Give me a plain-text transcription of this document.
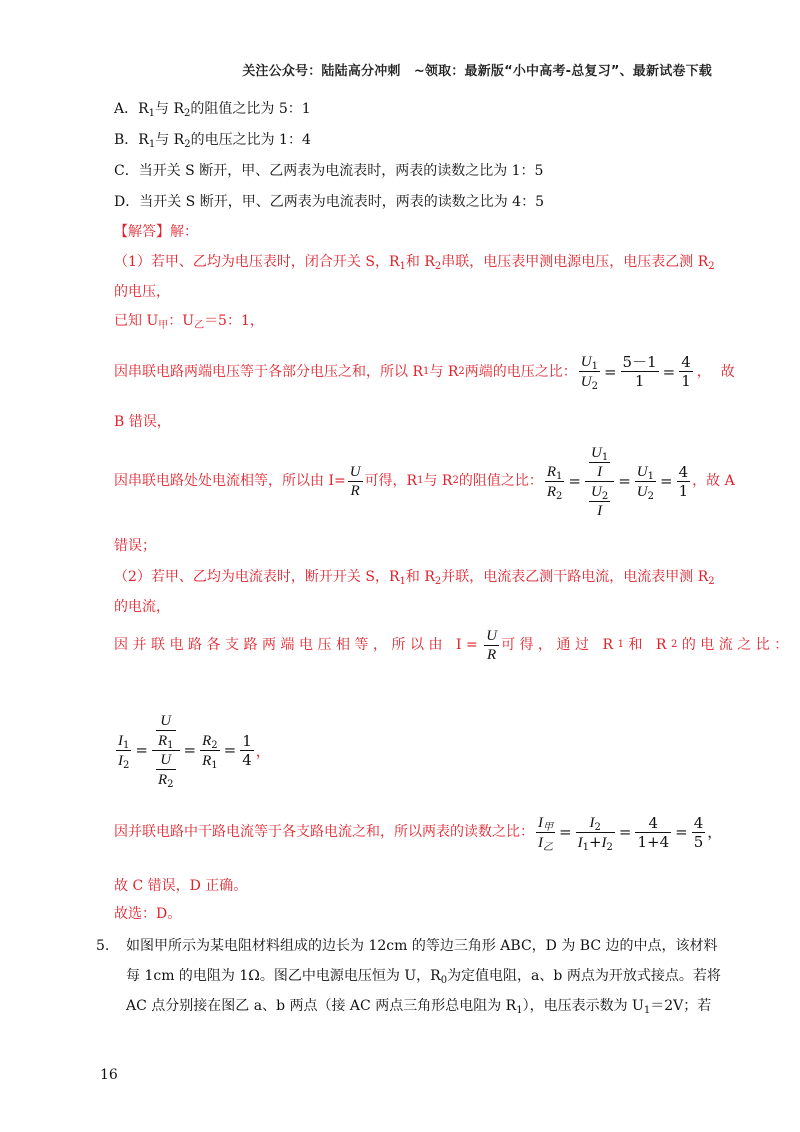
关注公众号：陆陆高分冲刺　~领取：最新版“小中高考-总复习”、最新试卷下载
A．$R_1$与 $R_2$的阻值之比为 5：1
B．$R_1$与 $R_2$的电压之比为 1：4
C．当开关 S 断开，甲、乙两表为电流表时，两表的读数之比为 1：5
D．当开关 S 断开，甲、乙两表为电流表时，两表的读数之比为 4：5
【解答】解：
（1）若甲、乙均为电压表时，闭合开关 S，$R_1$和 $R_2$串联，电压表甲测电源电压，电压表乙测 $R_2$
的电压，
已知 $U_甲$：$U_乙=5$：1，
因串联电路两端电压等于各部分电压之和，所以 R 1 与 R 2 两端的电压之比： $\frac{U_1}{U_2} = \frac{5-1}{1} = \frac{4}{1}$ ，故
B 错误，
因串联电路处处电流相等，所以由 $I= \frac{U}{R}$ 可得，R 1 与 R 2 的阻值之比： $\frac{R_1}{R_2} = \frac{\frac{U_1}{I}}{\frac{U_2}{I}} = \frac{U_1}{U_2} = \frac{4}{1}$ ，故 A
错误；
（2）若甲、乙均为电流表时，断开开关 S，$R_1$和 $R_2$并联，电流表乙测干路电流，电流表甲测 $R_2$
的电流，
因并联电路各支路两端电压相等，所以由 $I= \frac{U}{R}$ 可得，通过 R 1 和 R 2 的电流之比：
$\frac{I_1}{I_2} = \frac{\frac{U}{R_1}}{\frac{U}{R_2}} = \frac{R_2}{R_1} = \frac{1}{4}$ ，
因并联电路中干路电流等于各支路电流之和，所以两表的读数之比： $\frac{I_甲}{I_乙} = \frac{I_2}{I_1+I_2} = \frac{4}{1+4} = \frac{4}{5}$ ，
故 C 错误，D 正确。
故选：D。
5. 如图甲所示为某电阻材料组成的边长为 12cm 的等边三角形 ABC，D 为 BC 边的中点，该材料
每 1cm 的电阻为 1Ω。图乙中电源电压恒为 U，$R_0$为定值电阻，a、b 两点为开放式接点。若将
AC 点分别接在图乙 a、b 两点（接 AC 两点三角形总电阻为 $R_1$），电压表示数为 $U_1=2V$；若
16
